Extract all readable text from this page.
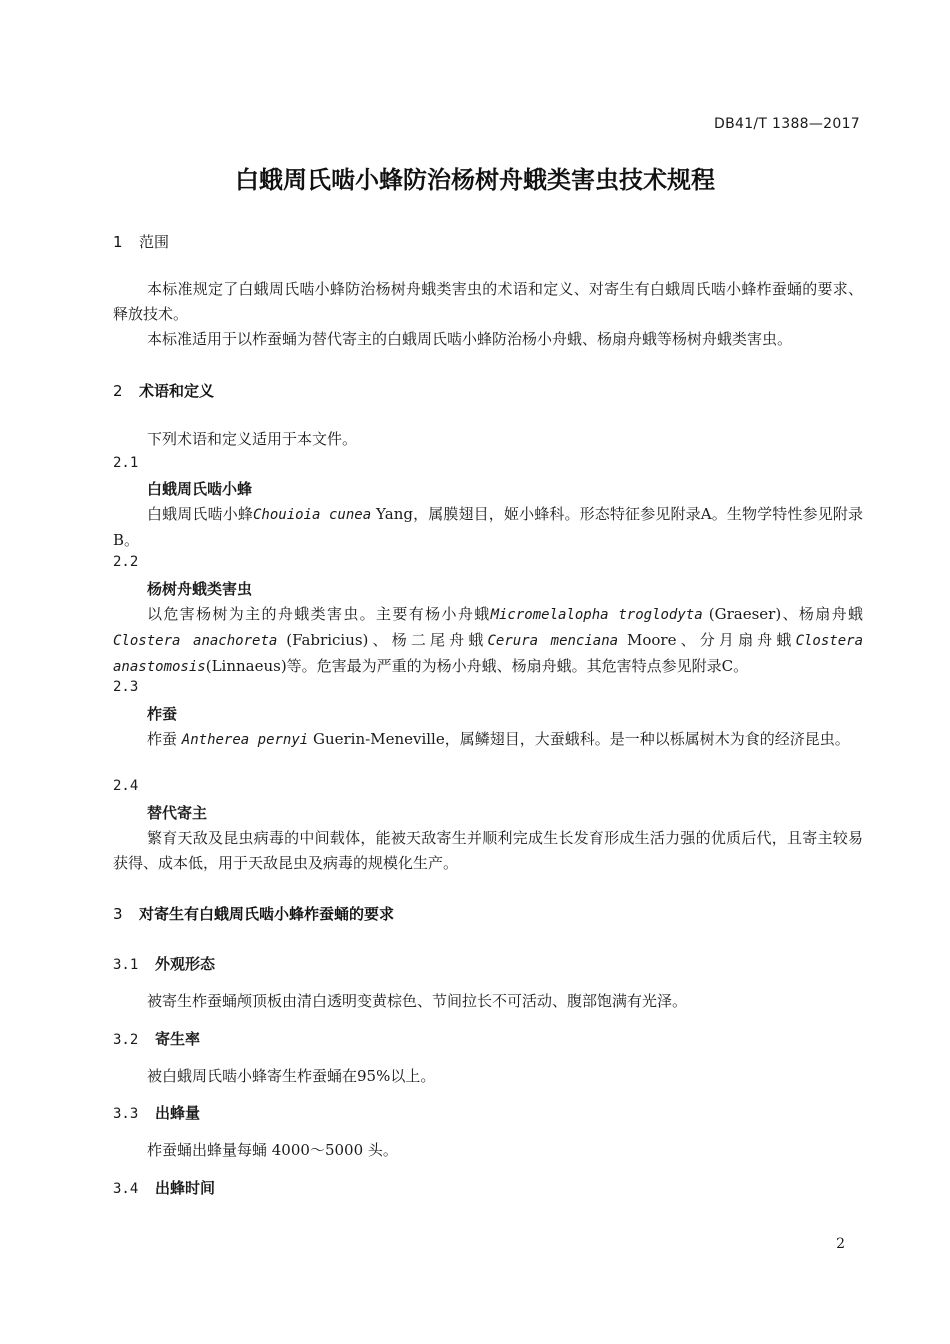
DB41/T 1388—2017
白蛾周氏啮小蜂防治杨树舟蛾类害虫技术规程
1 范围
本标准规定了白蛾周氏啮小蜂防治杨树舟蛾类害虫的术语和定义、对寄生有白蛾周氏啮小蜂柞蚕蛹的要求、释放技术。
本标准适用于以柞蚕蛹为替代寄主的白蛾周氏啮小蜂防治杨小舟蛾、杨扇舟蛾等杨树舟蛾类害虫。
2 术语和定义
下列术语和定义适用于本文件。
2.1
白蛾周氏啮小蜂
白蛾周氏啮小蜂Chouioia cunea Yang，属膜翅目，姬小蜂科。形态特征参见附录A。生物学特性参见附录B。
2.2
杨树舟蛾类害虫
以危害杨树为主的舟蛾类害虫。主要有杨小舟蛾Micromelalopha troglodyta (Graeser)、杨扇舟蛾Clostera anachoreta (Fabricius)、杨二尾舟蛾Cerura menciana Moore、分月扇舟蛾Clostera anastomosis(Linnaeus)等。危害最为严重的为杨小舟蛾、杨扇舟蛾。其危害特点参见附录C。
2.3
柞蚕
柞蚕 Antherea pernyi Guerin-Meneville，属鳞翅目，大蚕蛾科。是一种以栎属树木为食的经济昆虫。
2.4
替代寄主
繁育天敌及昆虫病毒的中间载体，能被天敌寄生并顺利完成生长发育形成生活力强的优质后代，且寄主较易获得、成本低，用于天敌昆虫及病毒的规模化生产。
3 对寄生有白蛾周氏啮小蜂柞蚕蛹的要求
3.1 外观形态
被寄生柞蚕蛹颅顶板由清白透明变黄棕色、节间拉长不可活动、腹部饱满有光泽。
3.2 寄生率
被白蛾周氏啮小蜂寄生柞蚕蛹在95%以上。
3.3 出蜂量
柞蚕蛹出蜂量每蛹 4000～5000 头。
3.4 出蜂时间
2
